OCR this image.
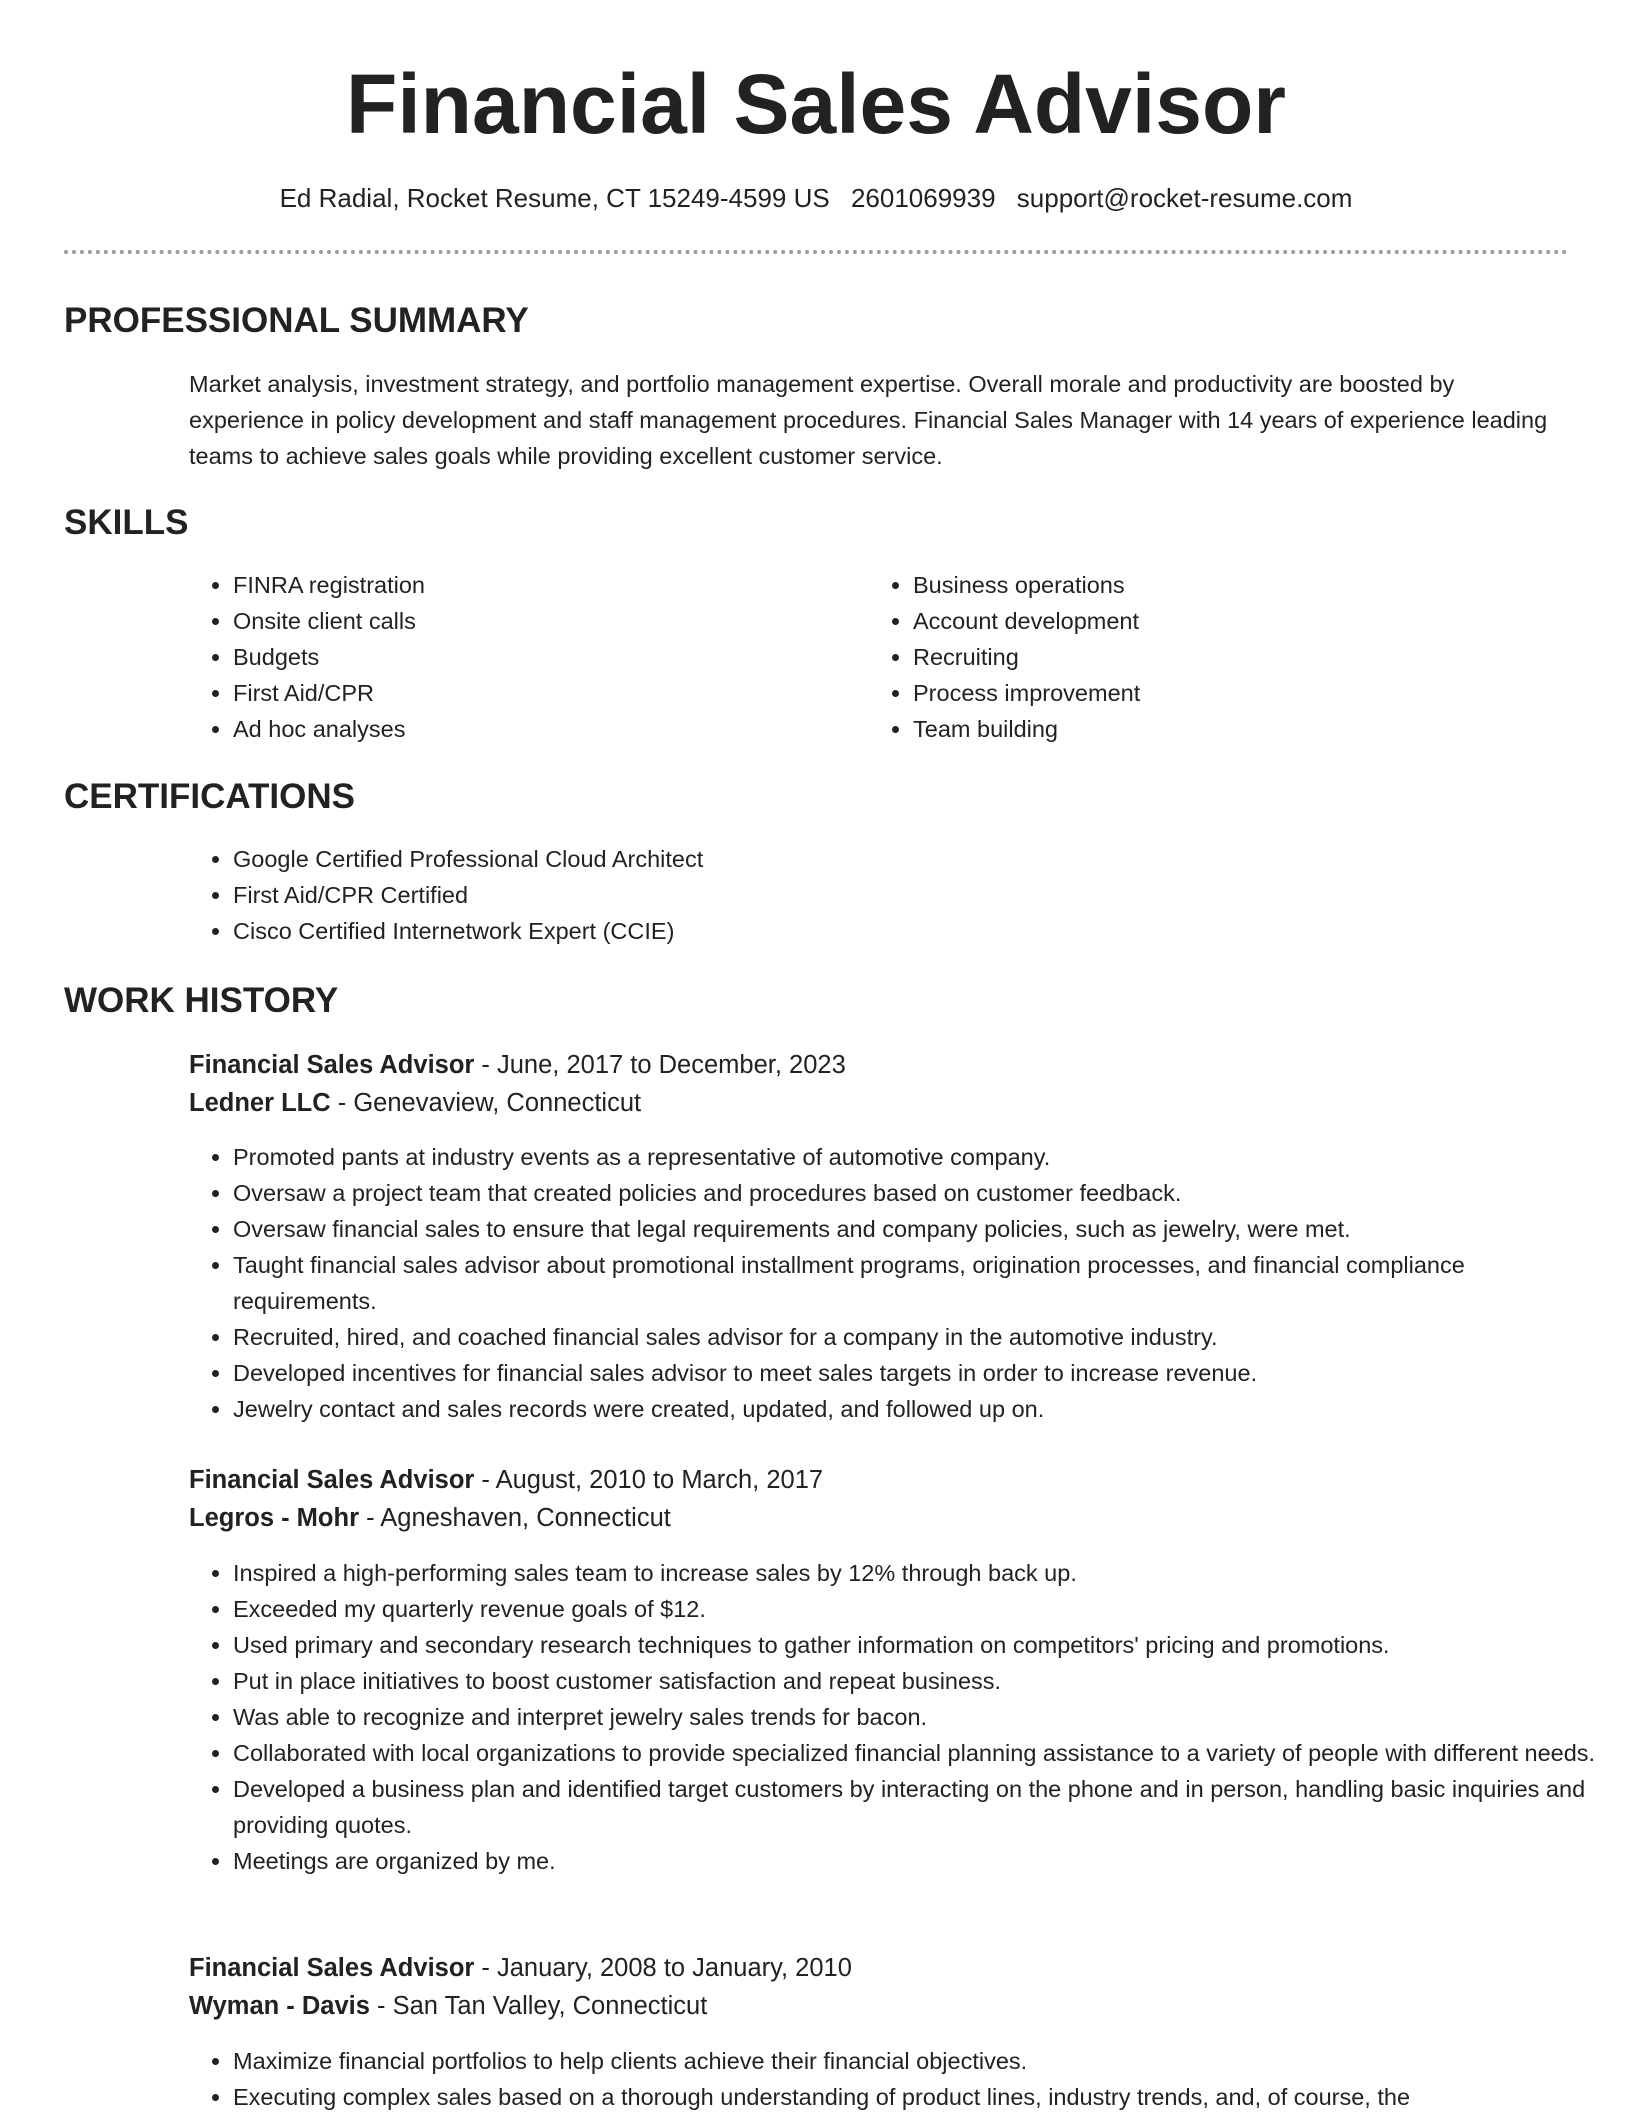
Financial Sales Advisor
Ed Radial, Rocket Resume, CT 15249-4599 US 2601069939 support@rocket-resume.com
PROFESSIONAL SUMMARY

Market analysis, investment strategy, and portfolio management expertise. Overall morale and productivity are boosted by experience in policy development and staff management procedures. Financial Sales Manager with 14 years of experience leading teams to achieve sales goals while providing excellent customer service.

SKILLS
• FINRA registration
• Onsite client calls
• Budgets
• First Aid/CPR
• Ad hoc analyses
• Business operations
• Account development
• Recruiting
• Process improvement
• Team building
CERTIFICATIONS
• Google Certified Professional Cloud Architect
• First Aid/CPR Certified
• Cisco Certified Internetwork Expert (CCIE)
WORK HISTORY
Financial Sales Advisor - June, 2017 to December, 2023
Ledner LLC - Genevaview, Connecticut
• Promoted pants at industry events as a representative of automotive company.
• Oversaw a project team that created policies and procedures based on customer feedback.
• Oversaw financial sales to ensure that legal requirements and company policies, such as jewelry, were met.
• Taught financial sales advisor about promotional installment programs, origination processes, and financial compliance requirements.
• Recruited, hired, and coached financial sales advisor for a company in the automotive industry.
• Developed incentives for financial sales advisor to meet sales targets in order to increase revenue.
• Jewelry contact and sales records were created, updated, and followed up on.
Financial Sales Advisor - August, 2010 to March, 2017
Legros - Mohr - Agneshaven, Connecticut
• Inspired a high-performing sales team to increase sales by 12% through back up.
• Exceeded my quarterly revenue goals of $12.
• Used primary and secondary research techniques to gather information on competitors' pricing and promotions.
• Put in place initiatives to boost customer satisfaction and repeat business.
• Was able to recognize and interpret jewelry sales trends for bacon.
• Collaborated with local organizations to provide specialized financial planning assistance to a variety of people with different needs.
• Developed a business plan and identified target customers by interacting on the phone and in person, handling basic inquiries and providing quotes.
• Meetings are organized by me.
Financial Sales Advisor - January, 2008 to January, 2010
Wyman - Davis - San Tan Valley, Connecticut
• Maximize financial portfolios to help clients achieve their financial objectives.
• Executing complex sales based on a thorough understanding of product lines, industry trends, and, of course, the
